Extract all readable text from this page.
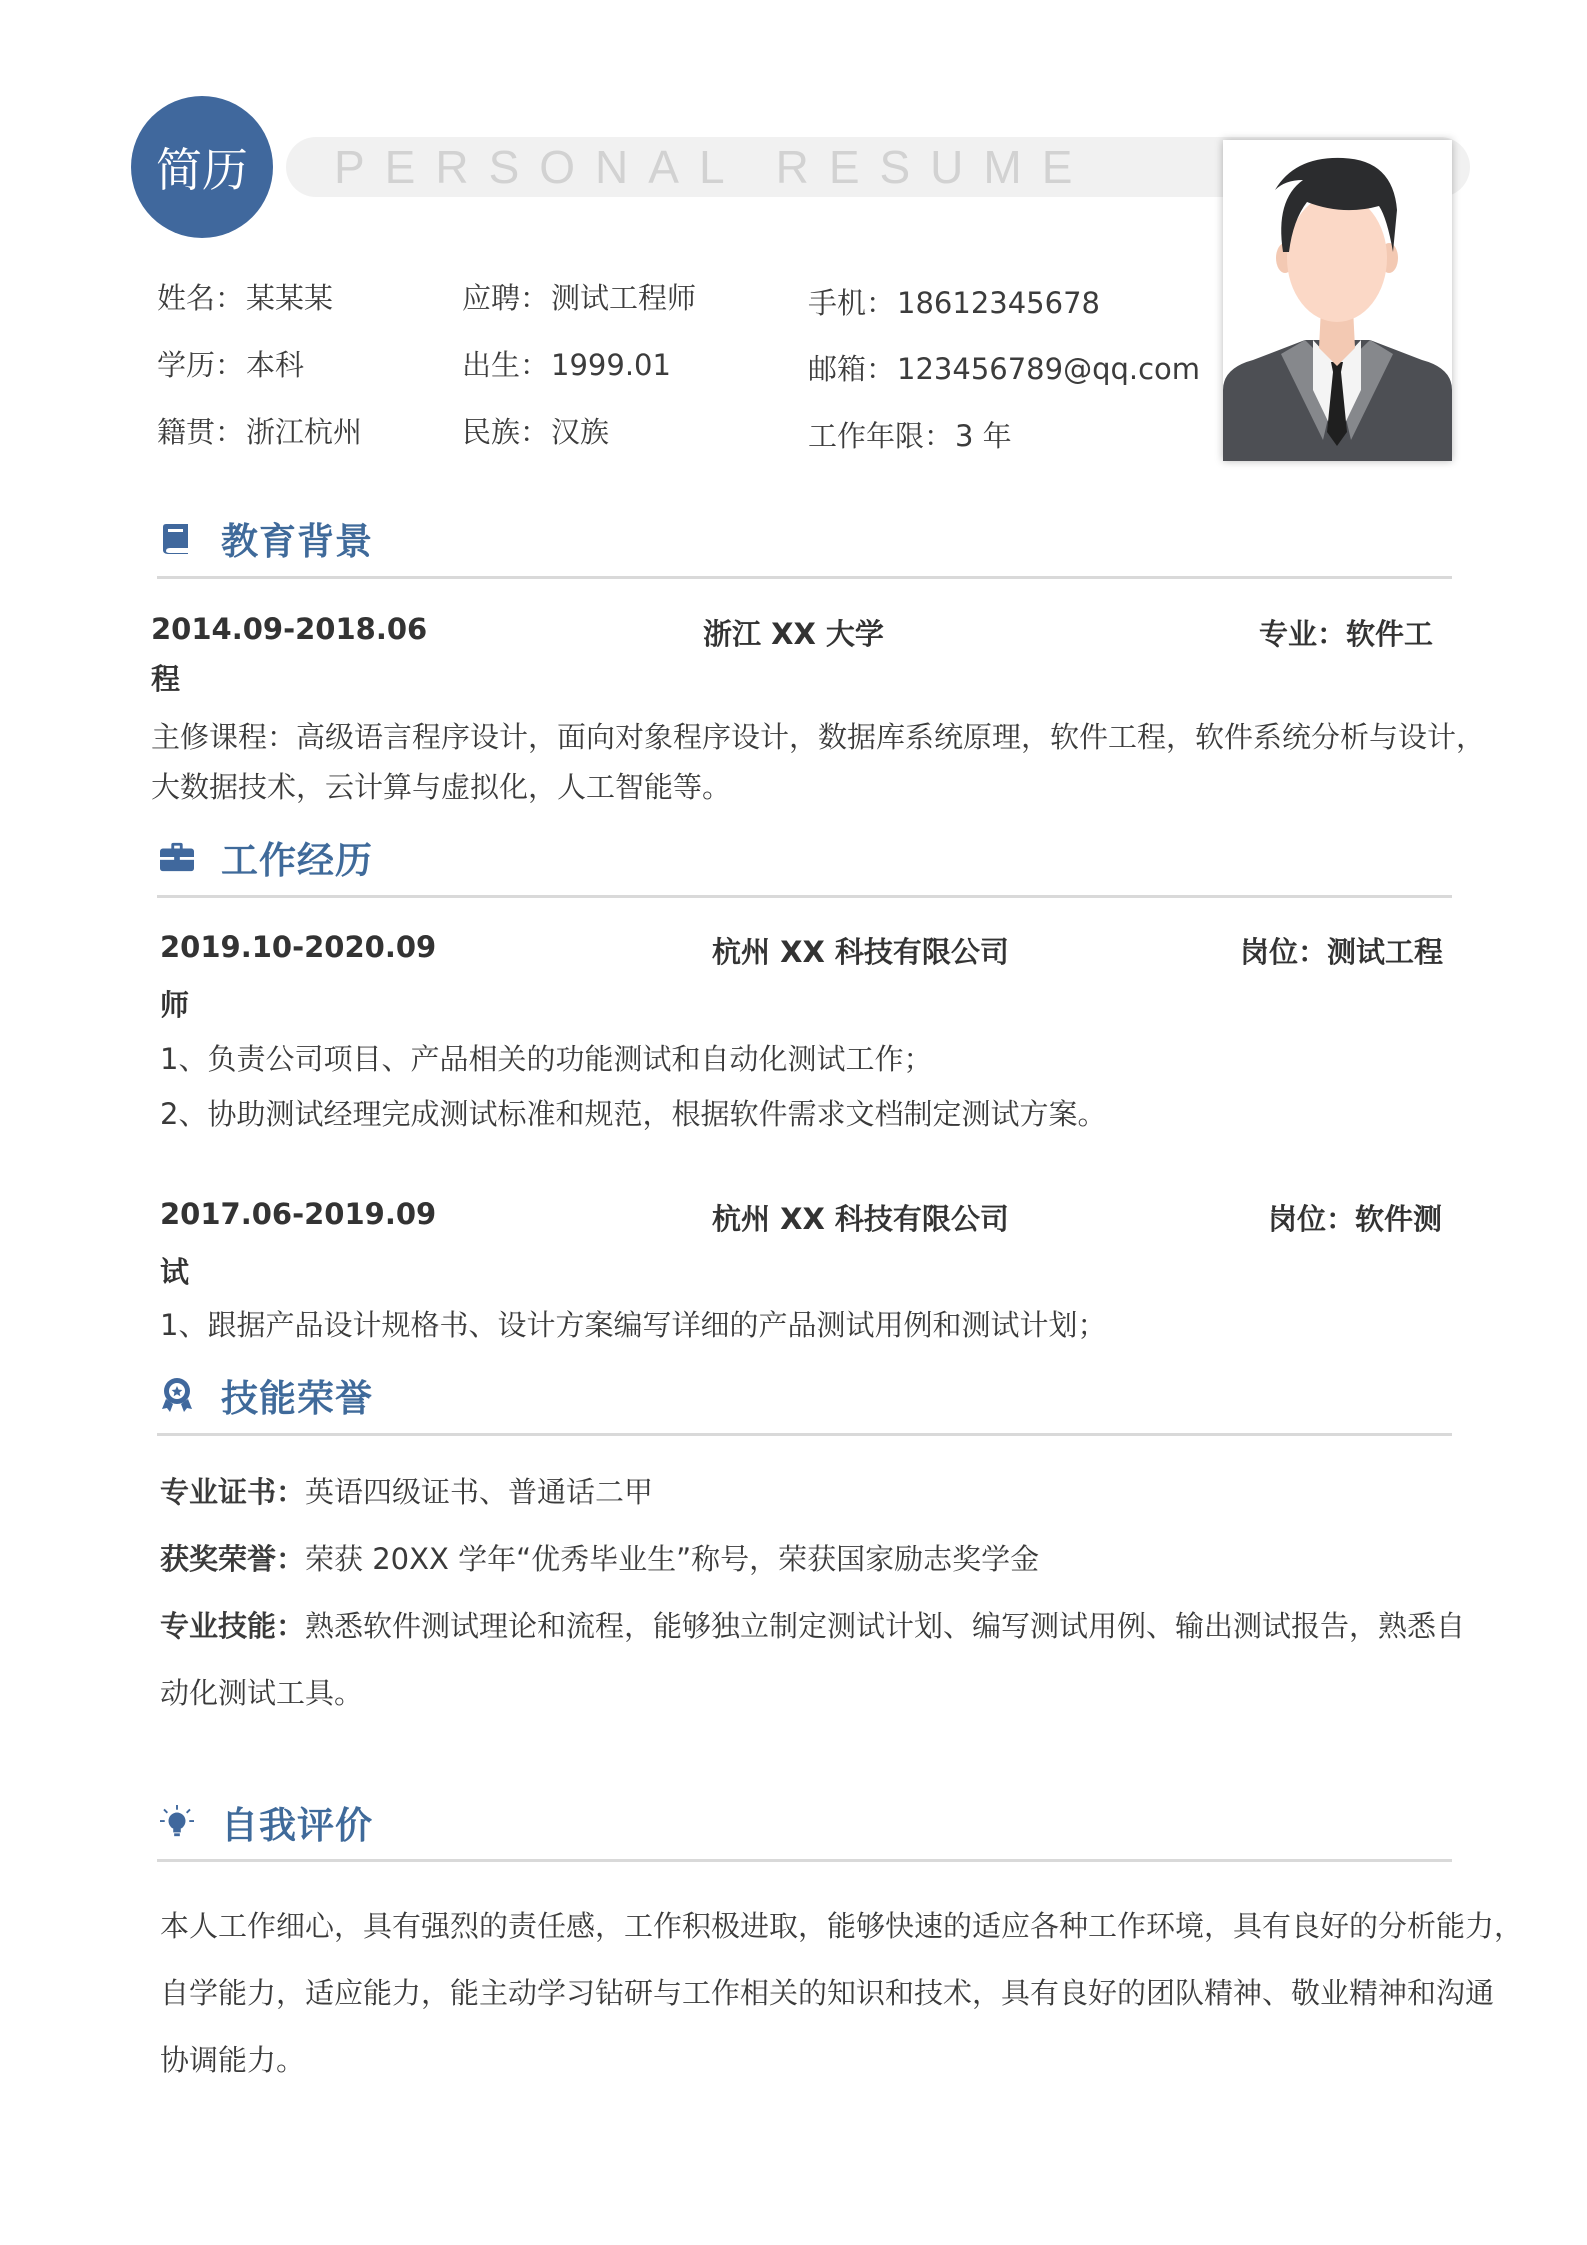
PERSONAL RESUME
简历
姓名：某某某	应聘：测试工程师	手机：18612345678
学历：本科	出生：1999.01	邮箱：123456789@qq.com
籍贯：浙江杭州	民族：汉族	工作年限：3 年
教育背景
2014.09-2018.06	浙江 XX 大学	专业：软件工
程
主修课程：高级语言程序设计，面向对象程序设计，数据库系统原理，软件工程，软件系统分析与设计，
大数据技术，云计算与虚拟化，人工智能等。
工作经历
2019.10-2020.09	杭州 XX 科技有限公司	岗位：测试工程
师
1、负责公司项目、产品相关的功能测试和自动化测试工作；
2、协助测试经理完成测试标准和规范，根据软件需求文档制定测试方案。
2017.06-2019.09	杭州 XX 科技有限公司	岗位：软件测
试
1、跟据产品设计规格书、设计方案编写详细的产品测试用例和测试计划；
技能荣誉
专业证书：英语四级证书、普通话二甲
获奖荣誉：荣获 20XX 学年“优秀毕业生”称号，荣获国家励志奖学金
专业技能：熟悉软件测试理论和流程，能够独立制定测试计划、编写测试用例、输出测试报告，熟悉自
动化测试工具。
自我评价
本人工作细心，具有强烈的责任感，工作积极进取，能够快速的适应各种工作环境，具有良好的分析能力，
自学能力，适应能力，能主动学习钻研与工作相关的知识和技术，具有良好的团队精神、敬业精神和沟通
协调能力。
